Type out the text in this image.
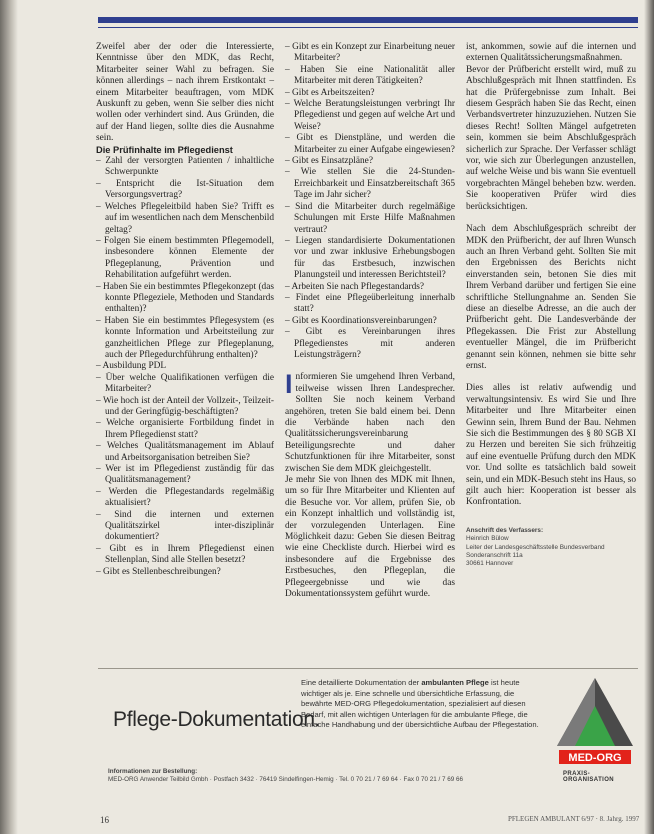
Zweifel aber der oder die Interessierte, Kenntnisse über den MDK, das Recht, Mitarbeiter seiner Wahl zu befragen. Sie können allerdings – nach ihrem Erstkontakt – einem Mitarbeiter beauftragen, vom MDK Auskunft zu geben, wenn Sie selber dies nicht wollen oder verhindert sind. Aus Gründen, die auf der Hand liegen, sollte dies die Ausnahme sein.

Die Prüfinhalte im Pflegedienst

– Zahl der versorgten Patienten / inhaltliche Schwerpunkte
– Entspricht die Ist-Situation dem Versorgungsvertrag?
– Welches Pflegeleitbild haben Sie? Trifft es auf im wesentlichen nach dem Menschenbild geltag?
– Folgen Sie einem bestimmten Pflegemodell, insbesondere können Elemente der Pflegeplanung, Prävention und Rehabilitation aufgeführt werden.
– Haben Sie ein bestimmtes Pflegekonzept (das konnte Pflegeziele, Methoden und Standards enthalten)?
– Haben Sie ein bestimmtes Pflegesystem (es konnte Information und Arbeitsteilung zur ganzheitlichen Pflege zur Pflegeplanung, auch der Pflegedurchführung enthalten)?
– Ausbildung PDL
– Über welche Qualifikationen verfügen die Mitarbeiter?
– Wie hoch ist der Anteil der Vollzeit-, Teilzeit- und der Geringfügig-beschäftigten?
– Welche organisierte Fortbildung findet in Ihrem Pflegedienst statt?
– Welches Qualitätsmanagement im Ablauf und Arbeitsorganisation betreiben Sie?
– Wer ist im Pflegedienst zuständig für das Qualitätsmanagement?
– Werden die Pflegestandards regelmäßig aktualisiert?
– Sind die internen und externen Qualitätszirkel inter-disziplinär dokumentiert?
– Gibt es in Ihrem Pflegedienst einen Stellenplan, Sind alle Stellen besetzt?
– Gibt es Stellenbeschreibungen?
– Gibt es ein Konzept zur Einarbeitung neuer Mitarbeiter?
– Haben Sie eine Nationalität aller Mitarbeiter mit deren Tätigkeiten?
– Gibt es Arbeitszeiten?
– Welche Beratungsleistungen verbringt Ihr Pflegedienst und gegen auf welche Art und Weise?
– Gibt es Dienstpläne, und werden die Mitarbeiter zu einer Aufgabe eingewiesen?
– Gibt es Einsatzpläne?
– Wie stellen Sie die 24-Stunden-Erreichbarkeit und Einsatzbereitschaft 365 Tage im Jahr sicher?
– Sind die Mitarbeiter durch regelmäßige Schulungen mit Erste Hilfe Maßnahmen vertraut?
– Liegen standardisierte Dokumentationen vor und zwar inklusive Erhebungsbogen für das Erstbesuch, inzwischen Planungsteil und interessen Berichtsteil?
– Arbeiten Sie nach Pflegestandards?
– Findet eine Pflegeüberleitung innerhalb statt?
– Gibt es Koordinationsvereinbarungen?
– Gibt es Vereinbarungen ihres Pflegedienstes mit anderen Leistungsträgern?

Informieren Sie umgehend Ihren Verband, teilweise wissen Ihren Landesprecher. Sollten Sie noch keinem Verband angehören, treten Sie bald einem bei. Denn die Verbände haben nach den Qualitätssicherungsvereinbarung Beteiligungsrechte und daher Schutzfunktionen für ihre Mitarbeiter, sonst zwischen Sie dem MDK gleichgestellt.

Je mehr Sie von Ihnen des MDK mit Ihnen, um so für Ihre Mitarbeiter und Klienten auf die Besuche vor. Vor allem, prüfen Sie, ob ein Konzept inhaltlich und vollständig ist, der vorzulegenden Unterlagen. Eine Möglichkeit dazu: Geben Sie diesen Beitrag wie eine Checkliste durch. Hierbei wird es insbesondere auf die Ergebnisse des Erstbesuches, den Pflegeplan, die Pflegeergebnisse und wie das Dokumentationssystem geführt wurde.

ist, ankommen, sowie auf die internen und externen Qualitätssicherungsmaßnahmen.

Bevor der Prüfbericht erstellt wird, muß zu Abschlußgespräch mit Ihnen stattfinden. Es hat die Prüfergebnisse zum Inhalt. Bei diesem Gespräch haben Sie das Recht, einen Verbandsvertreter hinzuzuziehen. Nutzen Sie dieses Recht! Sollten Mängel aufgetreten sein, kommen sie beim Abschlußgespräch sicherlich zur Sprache. Der Verfasser schlägt vor, wie sich zur Überlegungen anzustellen, auf welche Weise und bis wann Sie eventuell vorgebrachten Mängel beheben bzw. werden. Sie kooperativen Prüfer wird dies berücksichtigen.

Nach dem Abschlußgespräch schreibt der MDK den Prüfbericht, der auf Ihren Wunsch auch an Ihren Verband geht. Sollten Sie mit den Ergebnissen des Berichts nicht einverstanden sein, betonen Sie dies mit Ihrem Verband darüber und fertigen Sie eine schriftliche Stellungnahme an. Senden Sie diese an dieselbe Adresse, an die auch der Prüfbericht geht. Die Landesverbände der Pflegekassen. Die Frist zur Abstellung eventueller Mängel, die im Prüfbericht genannt sein können, nehmen sie bitte sehr ernst.

Dies alles ist relativ aufwendig und verwaltungsintensiv. Es wird Sie und Ihre Mitarbeiter und Ihre Mitarbeiter einen Gewinn sein, Ihrem Bund der Bau. Nehmen Sie sich die Bestimmungen des § 80 SGB XI zu Herzen und bereiten Sie sich frühzeitig auf eine eventuelle Prüfung durch den MDK vor. Und sollte es tatsächlich bald soweit sein, und ein MDK-Besuch steht ins Haus, so gilt auch hier: Kooperation ist besser als Konfrontation.

Anschrift des Verfassers:
Heinrich Bülow
Leiter der Landesgeschäftsstelle Bundesverband
Sonderanschrift 11a
30661 Hannover
Pflege-Dokumentation.
Eine detaillierte Dokumentation der ambulanten Pflege ist heute wichtiger als je. Eine schnelle und übersichtliche Erfassung, die bewährte MED-ORG Pflegedokumentation, spezialisiert auf diesen Bedarf, mit allen wichtigen Unterlagen für die ambulante Pflege, die einfache Handhabung und der übersichtliche Aufbau der Pflegestation.
Informationen zur Bestellung:
MED-ORG Anwender Teilbild Gmbh · Postfach 3432 · 76419 Sindelfingen-Hemig · Tel. 0 70 21 / 7 69 64 · Fax 0 70 21 / 7 69 66
MED-ORG
PRAXIS-ORGANISATION
16	PFLEGEN AMBULANT 6/97 · 8. Jahrg. 1997
